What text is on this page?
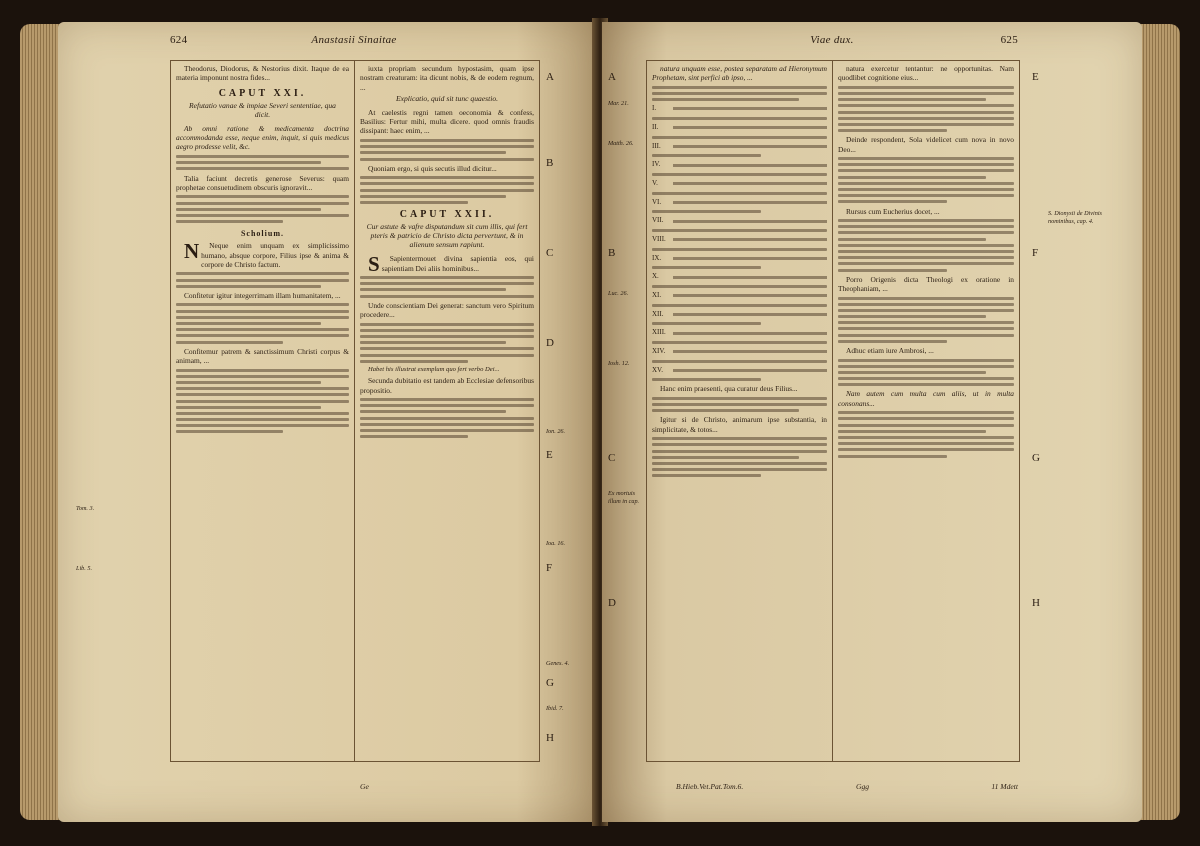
624	Anastasii Sinaitae
Tom. 3.
Lib. 5.

Theodorus, Diodorus, & Nestorius dixit. Itaque de ea materia imponunt nostra fides...

CAPUT XXI.
Refutatio vanae & impiae Severi sententiae, qua dicit.

Ab omni ratione & medicamenta doctrina accommodanda esse, neque enim, inquit, si quis medicus aegro prodesse velit, &c.

Talia faciunt decretis generose Severus: quam prophetae consuetudinem obscuris ignoravit...

Scholium.

N Neque enim unquam ex simplicissimo humano, absque corpore, Filius ipse & anima & corpore de Christo factum.

Confitetur igitur integerrimam illam humanitatem, ...

Confitemur patrem & sanctissimum Christi corpus & animam, ...

iuxta propriam secundum hypostasim, quam ipse nostram creaturam: ita dicunt nobis, & de eodem regnum, ...

Explicatio, quid sit tunc quaestio.

At caelestis regni tamen oeconomia & confess, Basilius: Fertur mihi, multa dicere. quod omnis fraudis dissipant: haec enim, ...

Quoniam ergo, si quis secutis illud dicitur...

CAPUT XXII.
Cur astute & vafre disputandum sit cum illis, qui fert pteris & patricio de Christo dicta pervertunt, & in alienum sensum rapiunt.

S Sapientermouet divina sapientia eos, qui sapientiam Dei aliis hominibus...

Unde conscientiam Dei generat: sanctum vero Spiritum procedere...

Habet his illustrat exemplum quo fert verbo Dei...

Secunda dubitatio est tandem ab Ecclesiae defensoribus propositio.

A
B
C
D
Ion. 26.
E
Ioa. 16.
F
Genes. 4.
G
Ibid. 7.
H
Ge
Viae dux.	625
A
Mar. 21.
Matth. 26.
B
Luc. 26.
Iosh. 12.
C
Ex mortuis illum in cap.
D

natura unquam esse, postea separatam ad Hieronymum Prophetam, sint perfici ab ipso, ...

I.
II.
III.
IV.
V.
VI.
VII.
VIII.
IX.
X.
XI.
XII.
XIII.
XIV.
XV.

Hanc enim praesenti, qua curatur deus Filius...

Igitur si de Christo, animarum ipse substantia, in simplicitate, & totos...

natura exercetur tentantur: ne opportunitas. Nam quodlibet cognitione eius...

Deinde respondent, Sola videlicet cum nova in novo Deo...

Rursus cum Eucherius docet, ...

Porro Origenis dicta Theologi ex oratione in Theophaniam, ...

Adhuc etiam iure Ambrosi, ...

Nam autem cum multa cum aliis, ut in multa consonans...

E
S. Dionysii de Divinis nominibus, cap. 4.
F
G
H
B.Hieb.Vet.Pat.Tom.6.	Ggg	11 Mdett
